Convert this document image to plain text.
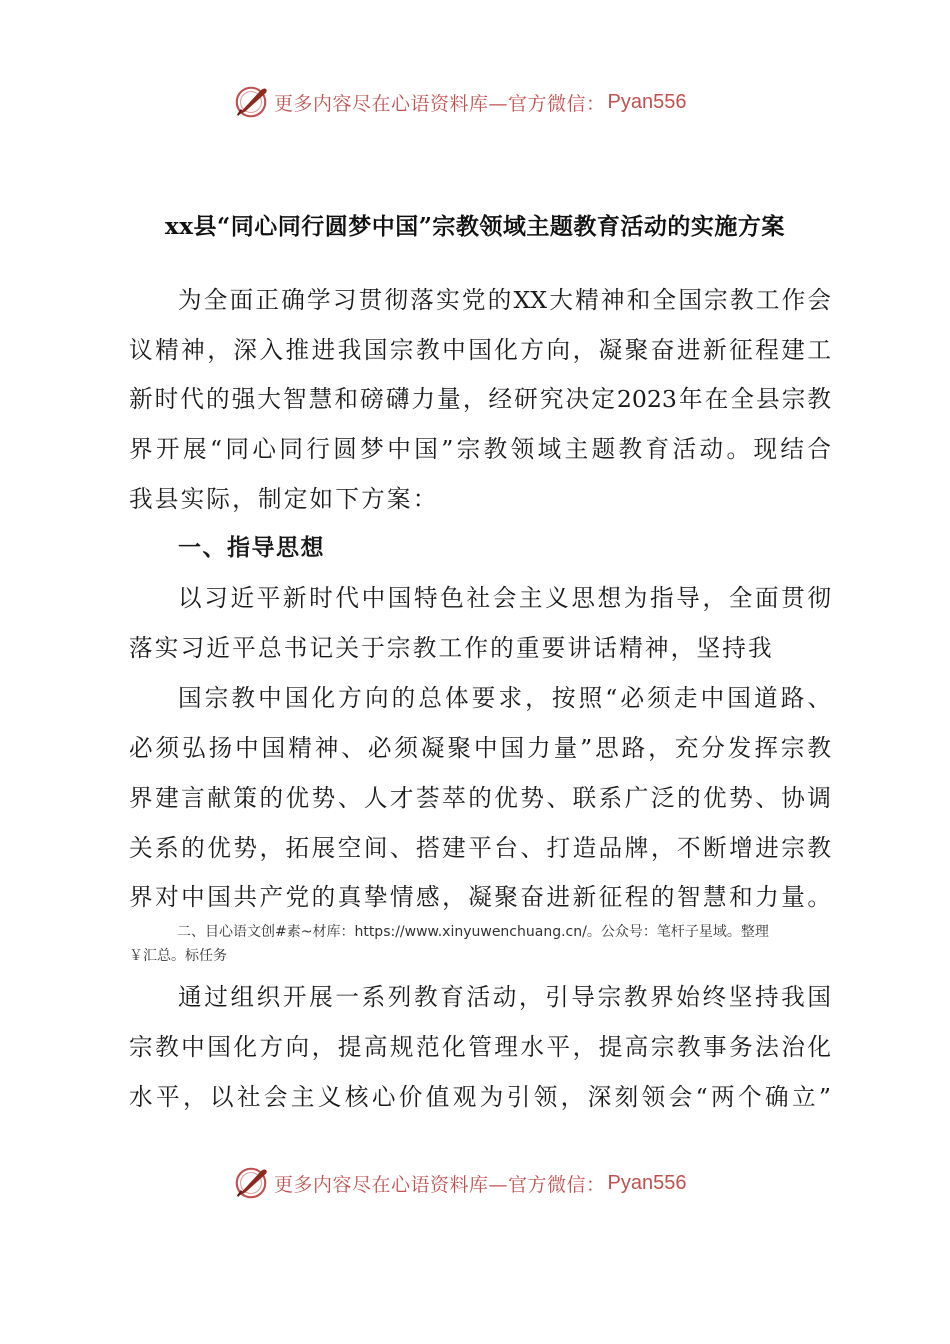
更多内容尽在心语资料库—官方微信： Pyan556
xx县“同心同行圆梦中国”宗教领域主题教育活动的实施方案
为全面正确学习贯彻落实党的XX大精神和全国宗教工作会
议精神，深入推进我国宗教中国化方向，凝聚奋进新征程建工
新时代的强大智慧和磅礴力量，经研究决定2023年在全县宗教
界开展“同心同行圆梦中国”宗教领域主题教育活动。现结合
我县实际，制定如下方案：
一、指导思想
以习近平新时代中国特色社会主义思想为指导，全面贯彻
落实习近平总书记关于宗教工作的重要讲话精神，坚持我
国宗教中国化方向的总体要求，按照“必须走中国道路、
必须弘扬中国精神、必须凝聚中国力量”思路，充分发挥宗教
界建言献策的优势、人才荟萃的优势、联系广泛的优势、协调
关系的优势，拓展空间、搭建平台、打造品牌，不断增进宗教
界对中国共产党的真挚情感，凝聚奋进新征程的智慧和力量。
二、目心语文创#素~材库：https://www.xinyuwenchuang.cn/。公众号：笔杆子星域。整理
￥汇总。标任务
通过组织开展一系列教育活动，引导宗教界始终坚持我国
宗教中国化方向，提高规范化管理水平，提高宗教事务法治化
水平，以社会主义核心价值观为引领，深刻领会“两个确立”
更多内容尽在心语资料库—官方微信： Pyan556
